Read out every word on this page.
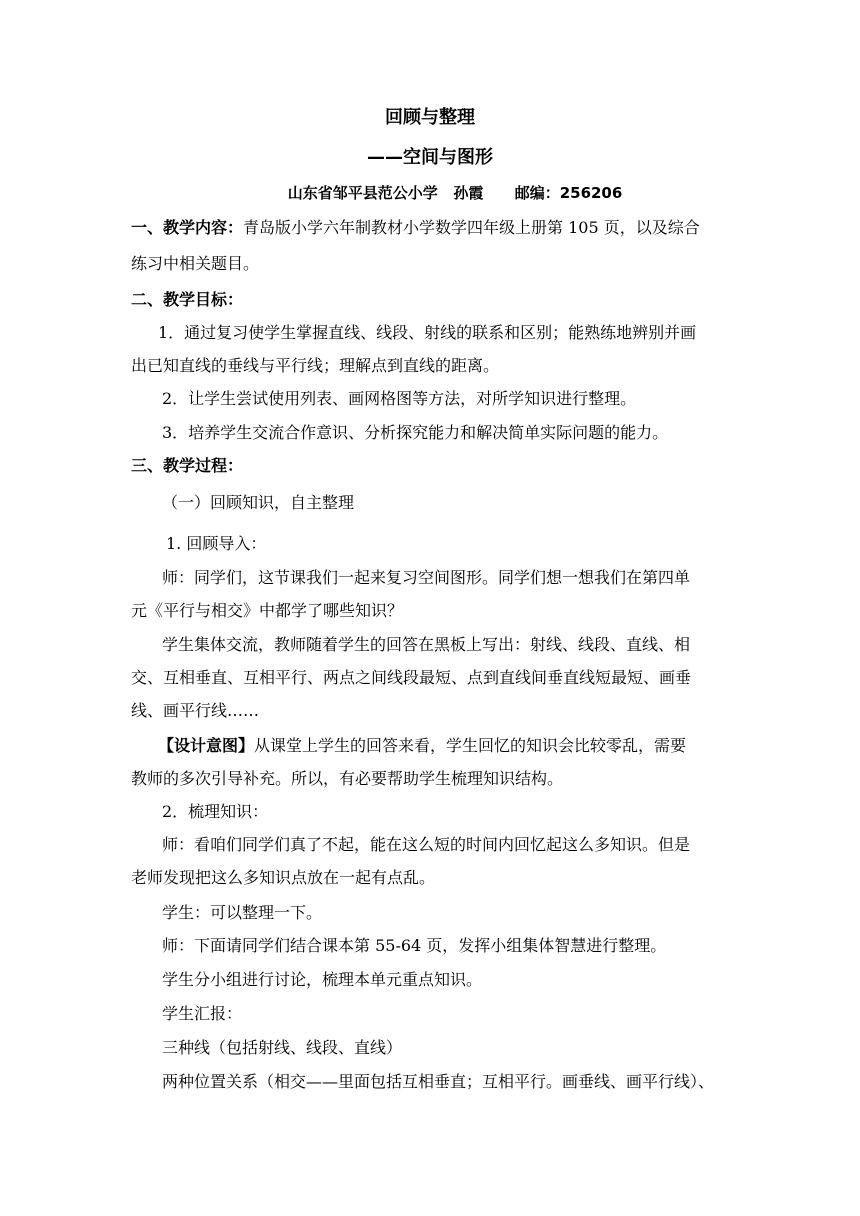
回顾与整理
——空间与图形
山东省邹平县范公小学   孙霞      邮编：256206
一、教学内容：青岛版小学六年制教材小学数学四年级上册第 105 页，以及综合
练习中相关题目。
二、教学目标：
1．通过复习使学生掌握直线、线段、射线的联系和区别；能熟练地辨别并画
出已知直线的垂线与平行线；理解点到直线的距离。
2．让学生尝试使用列表、画网格图等方法，对所学知识进行整理。
3．培养学生交流合作意识、分析探究能力和解决简单实际问题的能力。
三、教学过程：
（一）回顾知识，自主整理
1. 回顾导入：
师：同学们，这节课我们一起来复习空间图形。同学们想一想我们在第四单
元《平行与相交》中都学了哪些知识？
学生集体交流，教师随着学生的回答在黑板上写出：射线、线段、直线、相
交、互相垂直、互相平行、两点之间线段最短、点到直线间垂直线短最短、画垂
线、画平行线……
【设计意图】从课堂上学生的回答来看，学生回忆的知识会比较零乱，需要
教师的多次引导补充。所以，有必要帮助学生梳理知识结构。
2．梳理知识：
师：看咱们同学们真了不起，能在这么短的时间内回忆起这么多知识。但是
老师发现把这么多知识点放在一起有点乱。
学生：可以整理一下。
师：下面请同学们结合课本第 55-64 页，发挥小组集体智慧进行整理。
学生分小组进行讨论，梳理本单元重点知识。
学生汇报：
三种线（包括射线、线段、直线）
两种位置关系（相交——里面包括互相垂直；互相平行。画垂线、画平行线）、
